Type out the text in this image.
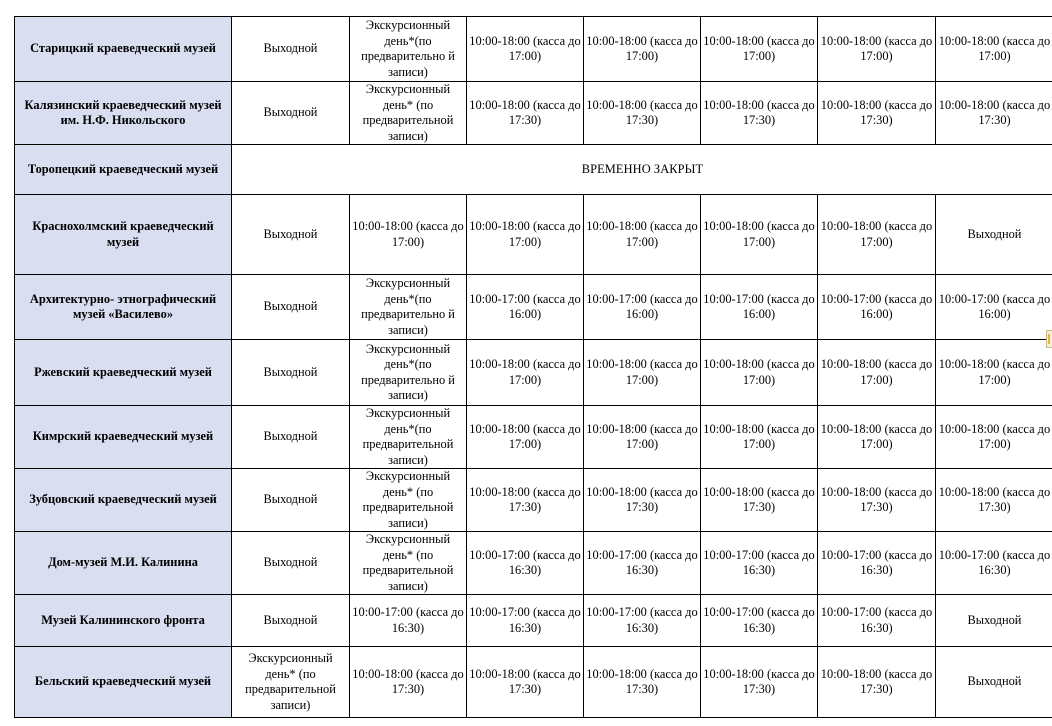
Старицкий краеведческий музей	Выходной	Экскурсионный день*(по предварительно й записи)	10:00-18:00 (касса до 17:00)	10:00-18:00 (касса до 17:00)	10:00-18:00 (касса до 17:00)	10:00-18:00 (касса до 17:00)	10:00-18:00 (касса до 17:00)
Калязинский краеведческий музей им. Н.Ф. Никольского	Выходной	Экскурсионный день* (по предварительной записи)	10:00-18:00 (касса до 17:30)	10:00-18:00 (касса до 17:30)	10:00-18:00 (касса до 17:30)	10:00-18:00 (касса до 17:30)	10:00-18:00 (касса до 17:30)
Торопецкий краеведческий музей	ВРЕМЕННО ЗАКРЫТ						
Краснохолмский краеведческий музей	Выходной	10:00-18:00 (касса до 17:00)	10:00-18:00 (касса до 17:00)	10:00-18:00 (касса до 17:00)	10:00-18:00 (касса до 17:00)	10:00-18:00 (касса до 17:00)	Выходной
Архитектурно- этнографический музей «Василево»	Выходной	Экскурсионный день*(по предварительно й записи)	10:00-17:00 (касса до 16:00)	10:00-17:00 (касса до 16:00)	10:00-17:00 (касса до 16:00)	10:00-17:00 (касса до 16:00)	10:00-17:00 (касса до 16:00)
Ржевский краеведческий музей	Выходной	Экскурсионный день*(по предварительно й записи)	10:00-18:00 (касса до 17:00)	10:00-18:00 (касса до 17:00)	10:00-18:00 (касса до 17:00)	10:00-18:00 (касса до 17:00)	10:00-18:00 (касса до 17:00)
Кимрский краеведческий музей	Выходной	Экскурсионный день*(по предварительной записи)	10:00-18:00 (касса до 17:00)	10:00-18:00 (касса до 17:00)	10:00-18:00 (касса до 17:00)	10:00-18:00 (касса до 17:00)	10:00-18:00 (касса до 17:00)
Зубцовский краеведческий музей	Выходной	Экскурсионный день* (по предварительной записи)	10:00-18:00 (касса до 17:30)	10:00-18:00 (касса до 17:30)	10:00-18:00 (касса до 17:30)	10:00-18:00 (касса до 17:30)	10:00-18:00 (касса до 17:30)
Дом-музей М.И. Калинина	Выходной	Экскурсионный день* (по предварительной записи)	10:00-17:00 (касса до 16:30)	10:00-17:00 (касса до 16:30)	10:00-17:00 (касса до 16:30)	10:00-17:00 (касса до 16:30)	10:00-17:00 (касса до 16:30)
Музей Калининского фронта	Выходной	10:00-17:00 (касса до 16:30)	10:00-17:00 (касса до 16:30)	10:00-17:00 (касса до 16:30)	10:00-17:00 (касса до 16:30)	10:00-17:00 (касса до 16:30)	Выходной
Бельский краеведческий музей	Экскурсионный день* (по предварительной записи)	10:00-18:00 (касса до 17:30)	10:00-18:00 (касса до 17:30)	10:00-18:00 (касса до 17:30)	10:00-18:00 (касса до 17:30)	10:00-18:00 (касса до 17:30)	Выходной
